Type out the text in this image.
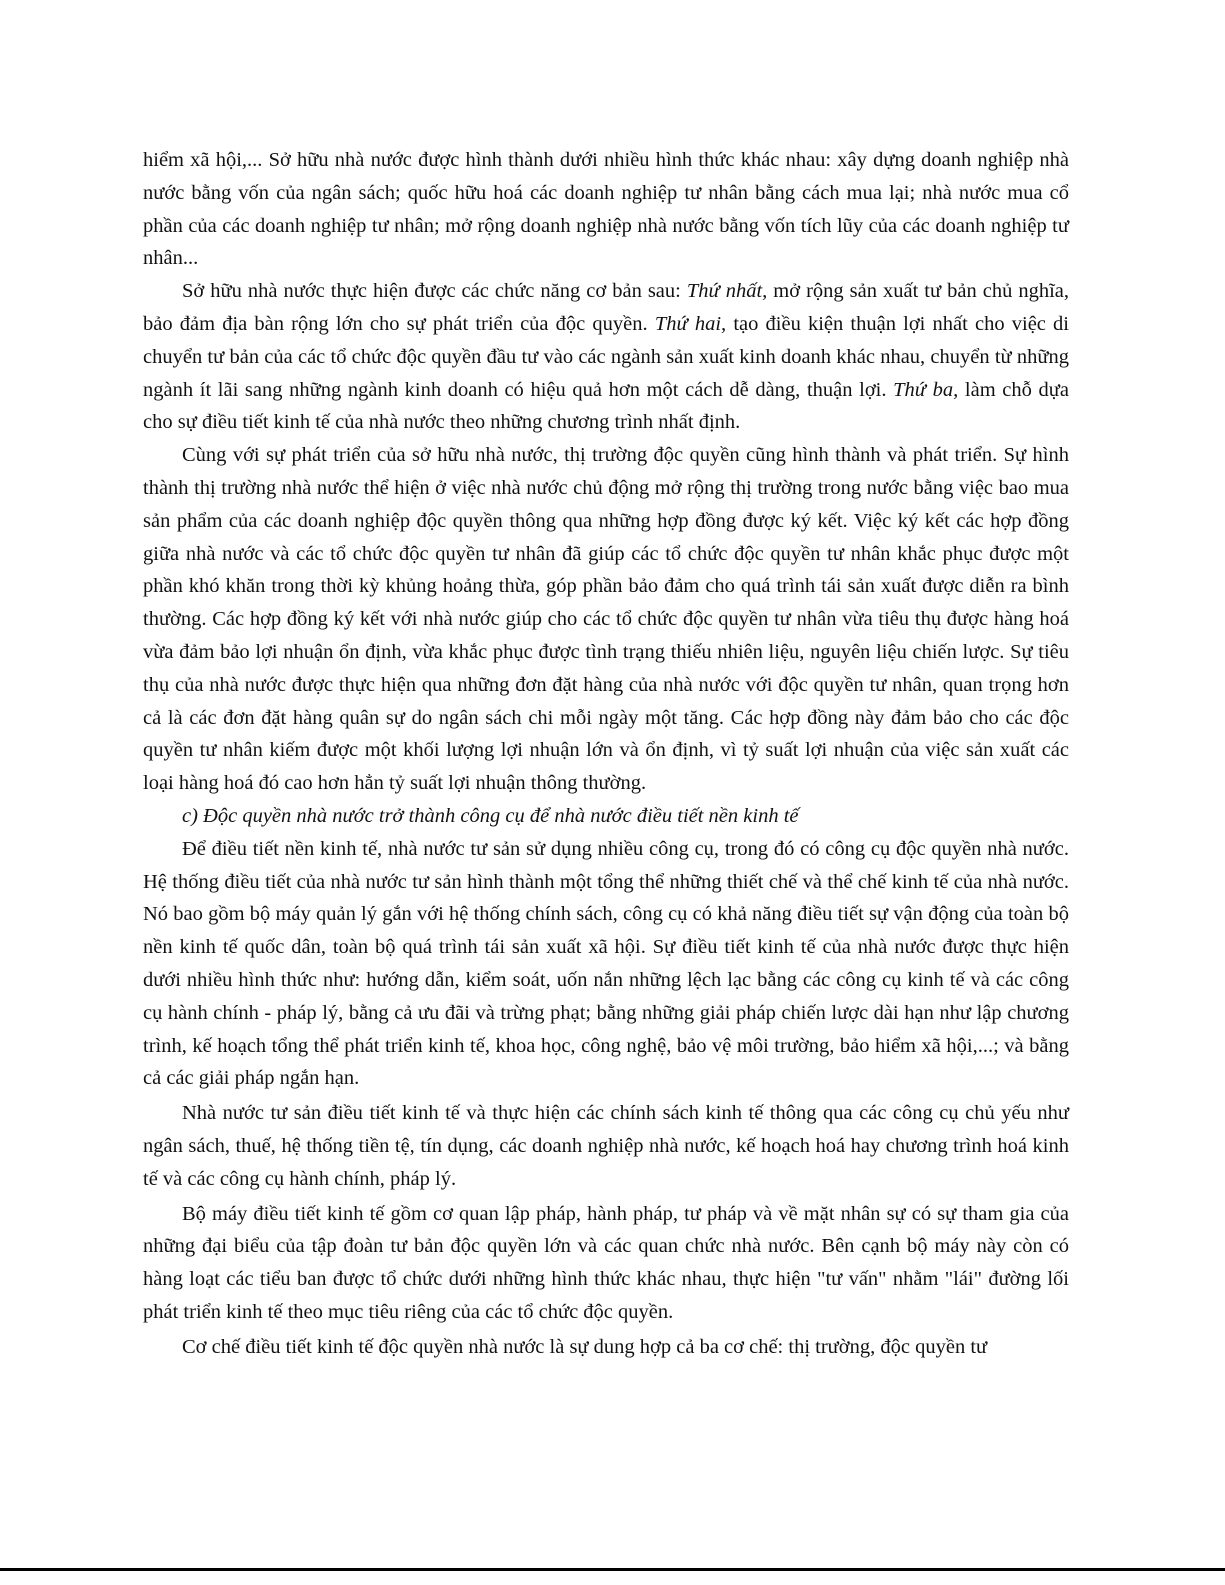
hiểm xã hội,... Sở hữu nhà nước được hình thành dưới nhiều hình thức khác nhau: xây dựng doanh nghiệp nhà nước bằng vốn của ngân sách; quốc hữu hoá các doanh nghiệp tư nhân bằng cách mua lại; nhà nước mua cổ phần của các doanh nghiệp tư nhân; mở rộng doanh nghiệp nhà nước bằng vốn tích lũy của các doanh nghiệp tư nhân...

Sở hữu nhà nước thực hiện được các chức năng cơ bản sau: Thứ nhất, mở rộng sản xuất tư bản chủ nghĩa, bảo đảm địa bàn rộng lớn cho sự phát triển của độc quyền. Thứ hai, tạo điều kiện thuận lợi nhất cho việc di chuyển tư bản của các tổ chức độc quyền đầu tư vào các ngành sản xuất kinh doanh khác nhau, chuyển từ những ngành ít lãi sang những ngành kinh doanh có hiệu quả hơn một cách dễ dàng, thuận lợi. Thứ ba, làm chỗ dựa cho sự điều tiết kinh tế của nhà nước theo những chương trình nhất định.

Cùng với sự phát triển của sở hữu nhà nước, thị trường độc quyền cũng hình thành và phát triển. Sự hình thành thị trường nhà nước thể hiện ở việc nhà nước chủ động mở rộng thị trường trong nước bằng việc bao mua sản phẩm của các doanh nghiệp độc quyền thông qua những hợp đồng được ký kết. Việc ký kết các hợp đồng giữa nhà nước và các tổ chức độc quyền tư nhân đã giúp các tổ chức độc quyền tư nhân khắc phục được một phần khó khăn trong thời kỳ khủng hoảng thừa, góp phần bảo đảm cho quá trình tái sản xuất được diễn ra bình thường. Các hợp đồng ký kết với nhà nước giúp cho các tổ chức độc quyền tư nhân vừa tiêu thụ được hàng hoá vừa đảm bảo lợi nhuận ổn định, vừa khắc phục được tình trạng thiếu nhiên liệu, nguyên liệu chiến lược. Sự tiêu thụ của nhà nước được thực hiện qua những đơn đặt hàng của nhà nước với độc quyền tư nhân, quan trọng hơn cả là các đơn đặt hàng quân sự do ngân sách chi mỗi ngày một tăng. Các hợp đồng này đảm bảo cho các độc quyền tư nhân kiếm được một khối lượng lợi nhuận lớn và ổn định, vì tỷ suất lợi nhuận của việc sản xuất các loại hàng hoá đó cao hơn hẳn tỷ suất lợi nhuận thông thường.

c) Độc quyền nhà nước trở thành công cụ để nhà nước điều tiết nền kinh tế

Để điều tiết nền kinh tế, nhà nước tư sản sử dụng nhiều công cụ, trong đó có công cụ độc quyền nhà nước. Hệ thống điều tiết của nhà nước tư sản hình thành một tổng thể những thiết chế và thể chế kinh tế của nhà nước. Nó bao gồm bộ máy quản lý gắn với hệ thống chính sách, công cụ có khả năng điều tiết sự vận động của toàn bộ nền kinh tế quốc dân, toàn bộ quá trình tái sản xuất xã hội. Sự điều tiết kinh tế của nhà nước được thực hiện dưới nhiều hình thức như: hướng dẫn, kiểm soát, uốn nắn những lệch lạc bằng các công cụ kinh tế và các công cụ hành chính - pháp lý, bằng cả ưu đãi và trừng phạt; bằng những giải pháp chiến lược dài hạn như lập chương trình, kế hoạch tổng thể phát triển kinh tế, khoa học, công nghệ, bảo vệ môi trường, bảo hiểm xã hội,...; và bằng cả các giải pháp ngắn hạn.

Nhà nước tư sản điều tiết kinh tế và thực hiện các chính sách kinh tế thông qua các công cụ chủ yếu như ngân sách, thuế, hệ thống tiền tệ, tín dụng, các doanh nghiệp nhà nước, kế hoạch hoá hay chương trình hoá kinh tế và các công cụ hành chính, pháp lý.

Bộ máy điều tiết kinh tế gồm cơ quan lập pháp, hành pháp, tư pháp và về mặt nhân sự có sự tham gia của những đại biểu của tập đoàn tư bản độc quyền lớn và các quan chức nhà nước. Bên cạnh bộ máy này còn có hàng loạt các tiểu ban được tổ chức dưới những hình thức khác nhau, thực hiện "tư vấn" nhằm "lái" đường lối phát triển kinh tế theo mục tiêu riêng của các tổ chức độc quyền.

Cơ chế điều tiết kinh tế độc quyền nhà nước là sự dung hợp cả ba cơ chế: thị trường, độc quyền tư
